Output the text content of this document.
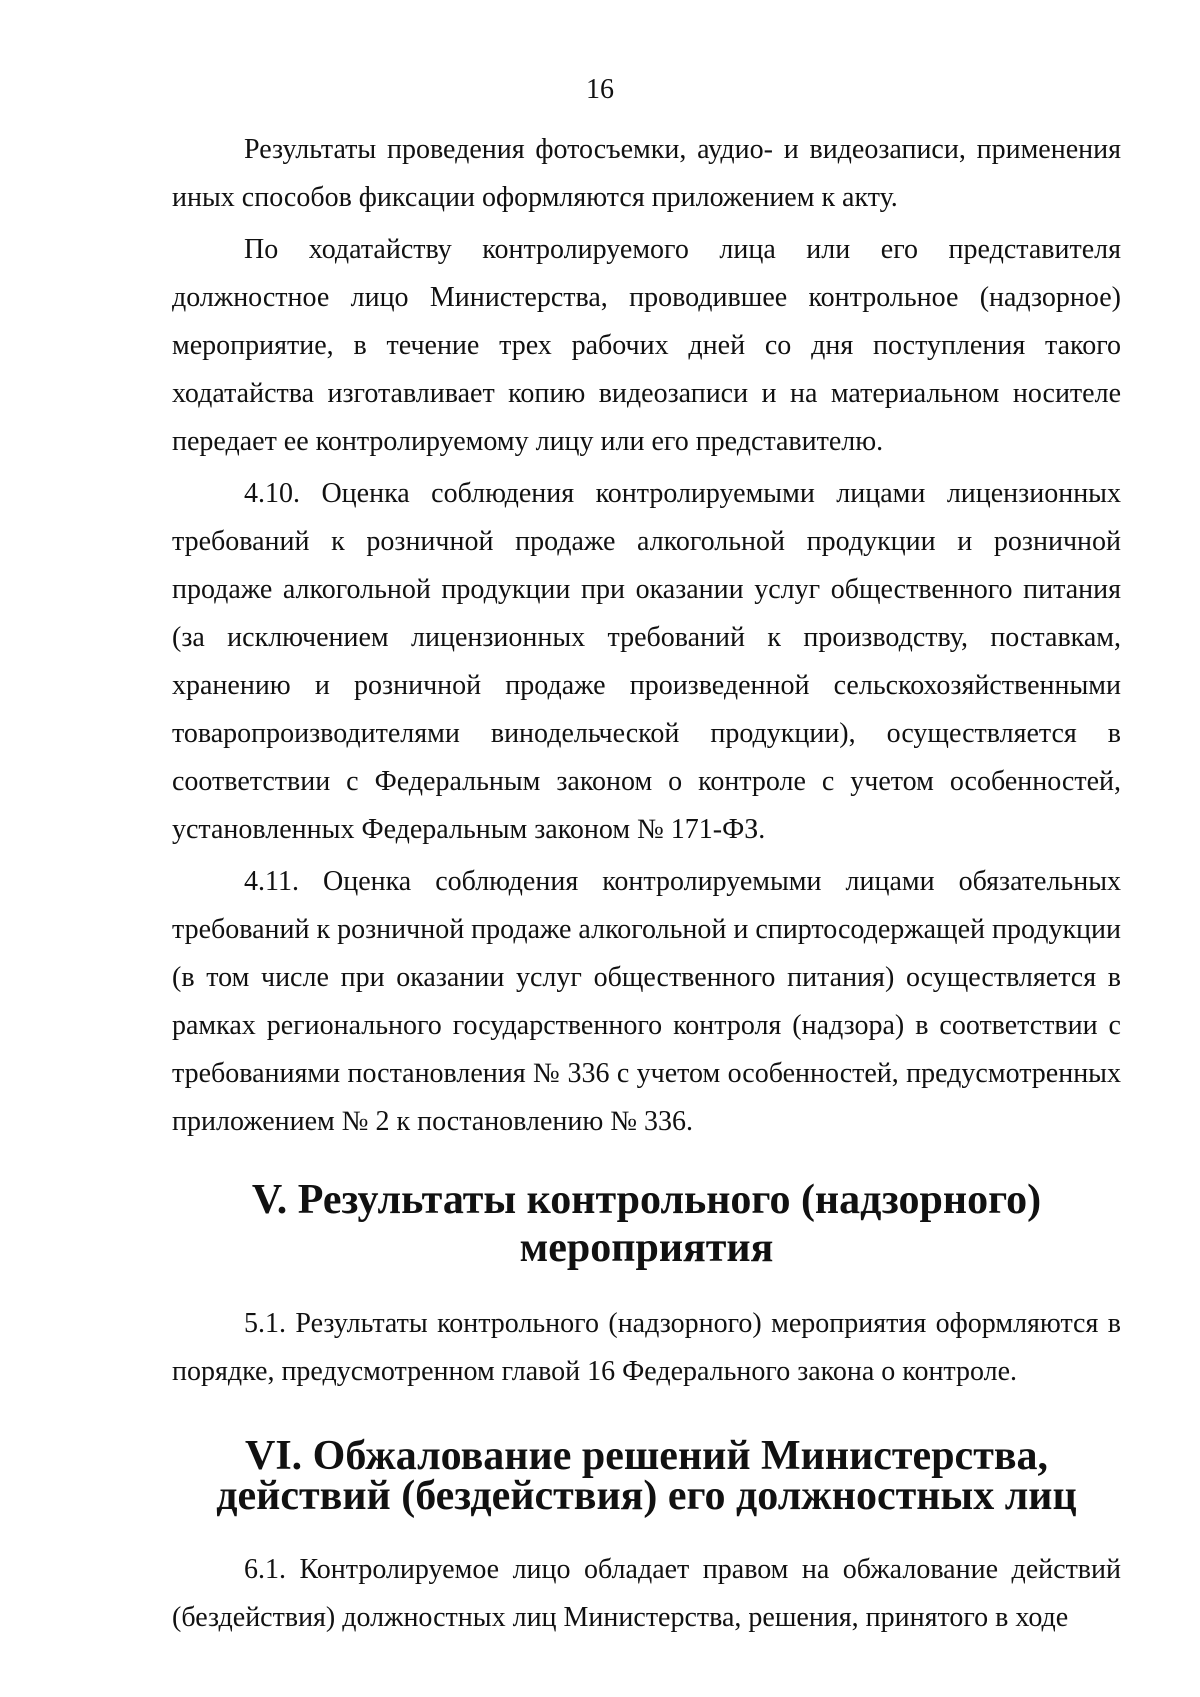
16

Результаты проведения фотосъемки, аудио- и видеозаписи, применения иных способов фиксации оформляются приложением к акту.

По ходатайству контролируемого лица или его представителя должностное лицо Министерства, проводившее контрольное (надзорное) мероприятие, в течение трех рабочих дней со дня поступления такого ходатайства изготавливает копию видеозаписи и на материальном носителе передает ее контролируемому лицу или его представителю.

4.10. Оценка соблюдения контролируемыми лицами лицензионных требований к розничной продаже алкогольной продукции и розничной продаже алкогольной продукции при оказании услуг общественного питания (за исключением лицензионных требований к производству, поставкам, хранению и розничной продаже произведенной сельскохозяйственными товаропроизводителями винодельческой продукции), осуществляется в соответствии с Федеральным законом о контроле с учетом особенностей, установленных Федеральным законом № 171-ФЗ.

4.11. Оценка соблюдения контролируемыми лицами обязательных требований к розничной продаже алкогольной и спиртосодержащей продукции (в том числе при оказании услуг общественного питания) осуществляется в рамках регионального государственного контроля (надзора) в соответствии с требованиями постановления № 336 с учетом особенностей, предусмотренных приложением № 2 к постановлению № 336.

V. Результаты контрольного (надзорного) мероприятия

5.1. Результаты контрольного (надзорного) мероприятия оформляются в порядке, предусмотренном главой 16 Федерального закона о контроле.

VI. Обжалование решений Министерства,
действий (бездействия) его должностных лиц

6.1. Контролируемое лицо обладает правом на обжалование действий (бездействия) должностных лиц Министерства, решения, принятого в ходе
